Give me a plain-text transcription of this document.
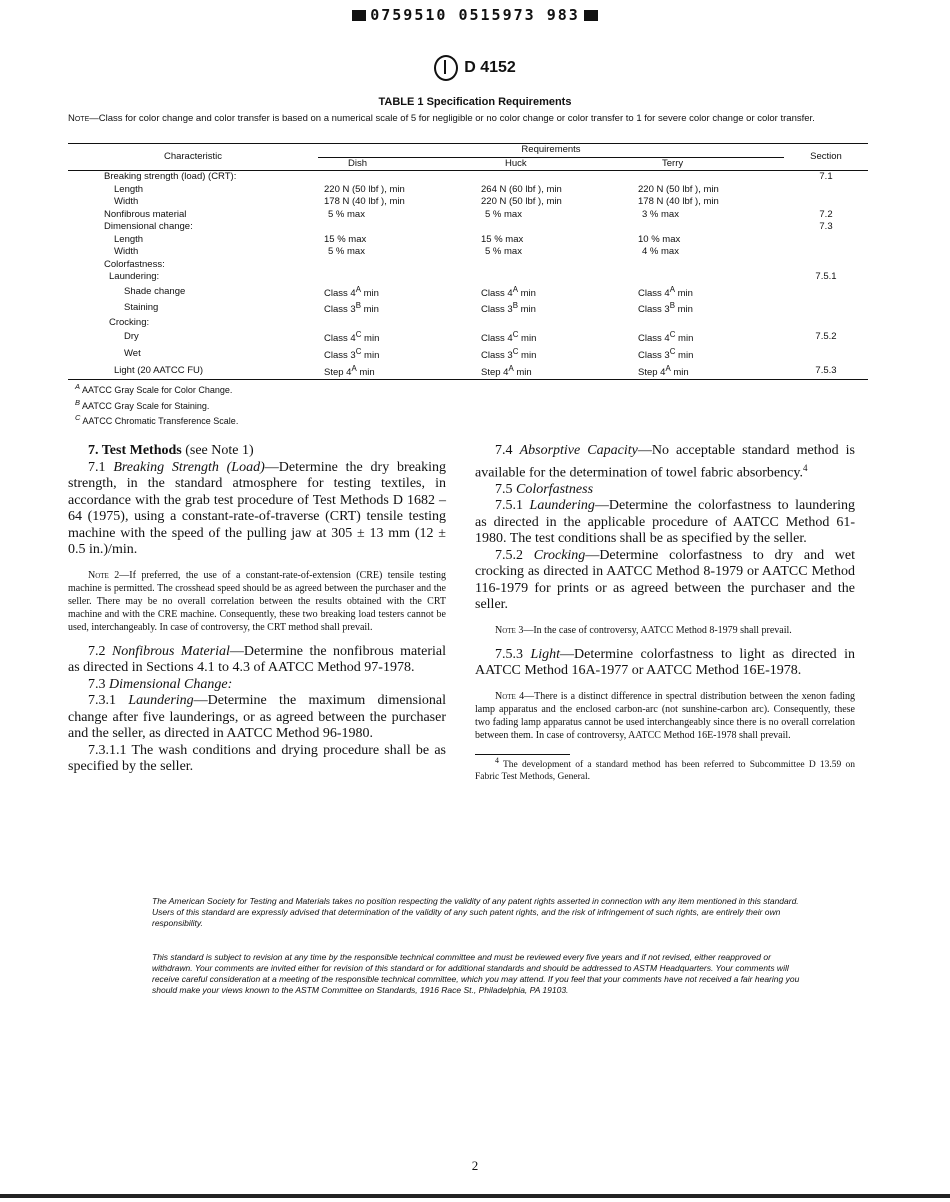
0759510 0515973 983
D 4152
TABLE 1 Specification Requirements
Note—Class for color change and color transfer is based on a numerical scale of 5 for negligible or no color change or color transfer to 1 for severe color change or color transfer.
Characteristic	Requirements			Section
	Dish	Huck	Terry	
Breaking strength (load) (CRT):				7.1
Length	220 N (50 lbf ), min	264 N (60 lbf ), min	220 N (50 lbf ), min	
Width	178 N (40 lbf ), min	220 N (50 lbf ), min	178 N (40 lbf ), min	
Nonfibrous material	5 % max	5 % max	3 % max	7.2
Dimensional change:				7.3
Length	15 % max	15 % max	10 % max	
Width	5 % max	5 % max	4 % max	
Colorfastness:				
Laundering:				7.5.1
Shade change	Class $4^A$ min	Class $4^A$ min	Class $4^A$ min	
Staining	Class $3^B$ min	Class $3^B$ min	Class $3^B$ min	
Crocking:				
Dry	Class $4^C$ min	Class $4^C$ min	Class $4^C$ min	7.5.2
Wet	Class $3^C$ min	Class $3^C$ min	Class $3^C$ min	
Light (20 AATCC FU)	Step $4^A$ min	Step $4^A$ min	Step $4^A$ min	7.5.3
$^A$ AATCC Gray Scale for Color Change.
$^B$ AATCC Gray Scale for Staining.
$^C$ AATCC Chromatic Transference Scale.

7. Test Methods (see Note 1)

7.1 Breaking Strength (Load)—Determine the dry breaking strength, in the standard atmosphere for testing textiles, in accordance with the grab test procedure of Test Methods D 1682 – 64 (1975), using a constant-rate-of-traverse (CRT) tensile testing machine with the speed of the pulling jaw at 305 ± 13 mm (12 ± 0.5 in.)/min.

Note 2—If preferred, the use of a constant-rate-of-extension (CRE) tensile testing machine is permitted. The crosshead speed should be as agreed between the purchaser and the seller. There may be no overall correlation between the results obtained with the CRT machine and with the CRE machine. Consequently, these two breaking load testers cannot be used, interchangeably. In case of controversy, the CRT method shall prevail.

7.2 Nonfibrous Material—Determine the nonfibrous material as directed in Sections 4.1 to 4.3 of AATCC Method 97-1978.

7.3 Dimensional Change:

7.3.1 Laundering—Determine the maximum dimensional change after five launderings, or as agreed between the purchaser and the seller, as directed in AATCC Method 96-1980.

7.3.1.1 The wash conditions and drying procedure shall be as specified by the seller.

7.4 Absorptive Capacity—No acceptable standard method is available for the determination of towel fabric absorbency.$^4$

7.5 Colorfastness

7.5.1 Laundering—Determine the colorfastness to laundering as directed in the applicable procedure of AATCC Method 61-1980. The test conditions shall be as specified by the seller.

7.5.2 Crocking—Determine colorfastness to dry and wet crocking as directed in AATCC Method 8-1979 or AATCC Method 116-1979 for prints or as agreed between the purchaser and the seller.

Note 3—In the case of controversy, AATCC Method 8-1979 shall prevail.

7.5.3 Light—Determine colorfastness to light as directed in AATCC Method 16A-1977 or AATCC Method 16E-1978.

Note 4—There is a distinct difference in spectral distribution between the xenon fading lamp apparatus and the enclosed carbon-arc (not sunshine-carbon arc). Consequently, these two fading lamp apparatus cannot be used interchangeably since there is no overall correlation between them. In case of controversy, AATCC Method 16E-1978 shall prevail.

$^4$ The development of a standard method has been referred to Subcommittee D 13.59 on Fabric Test Methods, General.

The American Society for Testing and Materials takes no position respecting the validity of any patent rights asserted in connection with any item mentioned in this standard. Users of this standard are expressly advised that determination of the validity of any such patent rights, and the risk of infringement of such rights, are entirely their own responsibility.
This standard is subject to revision at any time by the responsible technical committee and must be reviewed every five years and if not revised, either reapproved or withdrawn. Your comments are invited either for revision of this standard or for additional standards and should be addressed to ASTM Headquarters. Your comments will receive careful consideration at a meeting of the responsible technical committee, which you may attend. If you feel that your comments have not received a fair hearing you should make your views known to the ASTM Committee on Standards, 1916 Race St., Philadelphia, PA 19103.
2
